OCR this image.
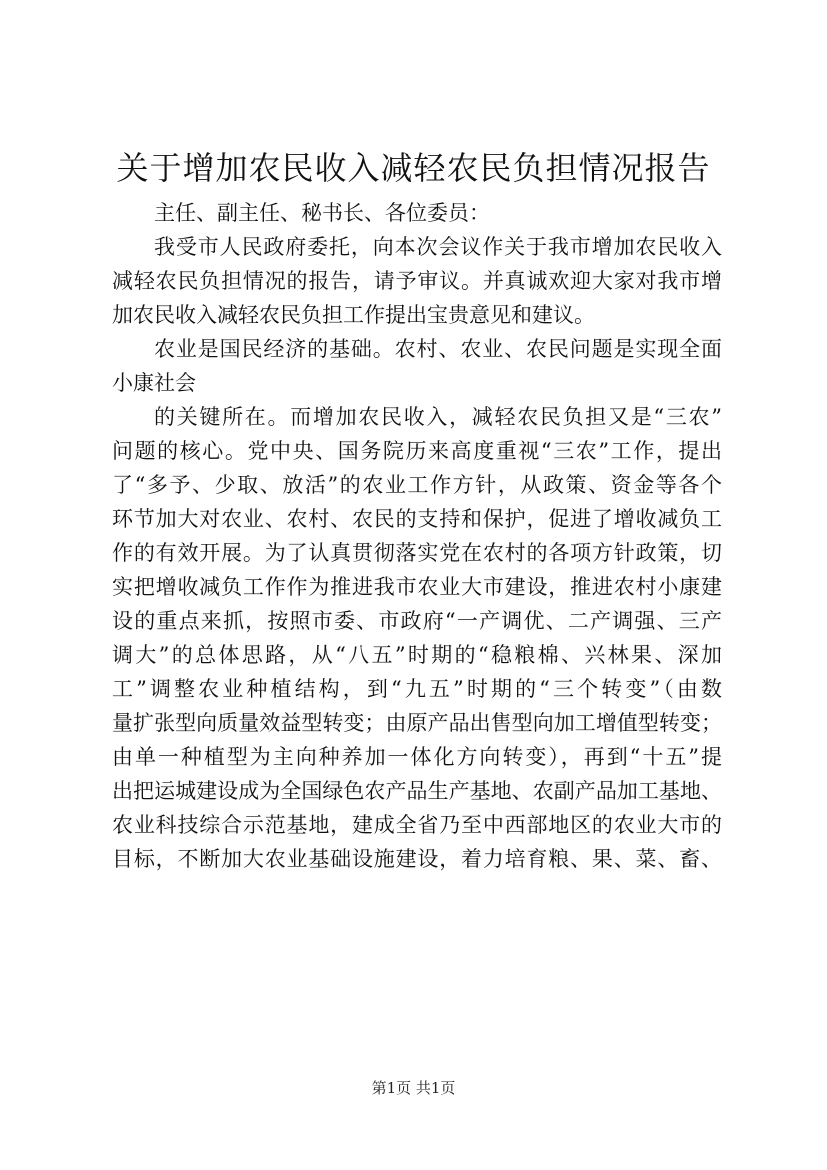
关于增加农民收入减轻农民负担情况报告
主任、副主任、秘书长、各位委员：
我受市人民政府委托，向本次会议作关于我市增加农民收入
减轻农民负担情况的报告，请予审议。并真诚欢迎大家对我市增
加农民收入减轻农民负担工作提出宝贵意见和建议。
农业是国民经济的基础。农村、农业、农民问题是实现全面
小康社会
的关键所在。而增加农民收入，减轻农民负担又是“三农”
问题的核心。党中央、国务院历来高度重视“三农”工作，提出
了“多予、少取、放活”的农业工作方针，从政策、资金等各个
环节加大对农业、农村、农民的支持和保护，促进了增收减负工
作的有效开展。为了认真贯彻落实党在农村的各项方针政策，切
实把增收减负工作作为推进我市农业大市建设，推进农村小康建
设的重点来抓，按照市委、市政府“一产调优、二产调强、三产
调大”的总体思路，从“八五”时期的“稳粮棉、兴林果、深加
工”调整农业种植结构，到“九五”时期的“三个转变”（由数
量扩张型向质量效益型转变；由原产品出售型向加工增值型转变；
由单一种植型为主向种养加一体化方向转变），再到“十五”提
出把运城建设成为全国绿色农产品生产基地、农副产品加工基地、
农业科技综合示范基地，建成全省乃至中西部地区的农业大市的
目标，不断加大农业基础设施建设，着力培育粮、果、菜、畜、
第1页 共1页
